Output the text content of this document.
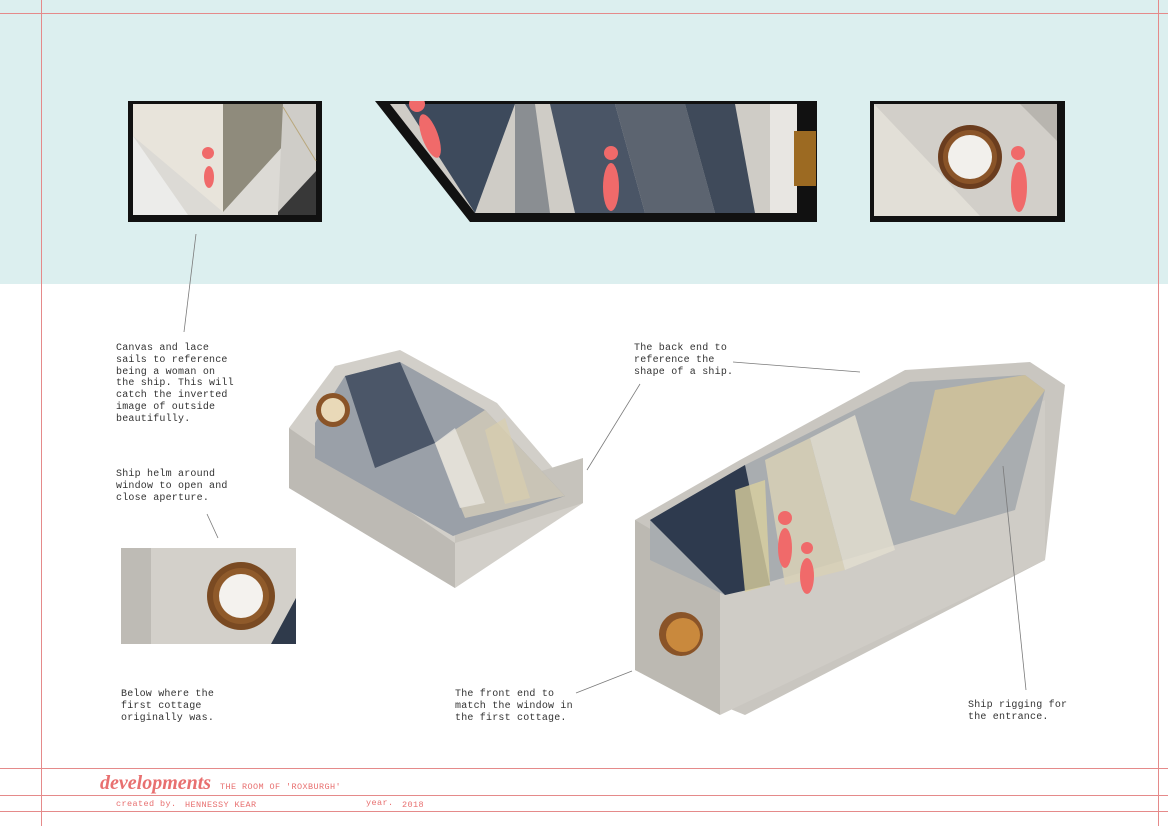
Canvas and lace
sails to reference
being a woman on
the ship. This will
catch the inverted
image of outside
beautifully.
Ship helm around
window to open and
close aperture.
Below where the
first cottage
originally was.
The back end to
reference the
shape of a ship.
The front end to
match the window in
the first cottage.
Ship rigging for
the entrance.
developments THE ROOM OF 'ROXBURGH'
created by. HENNESSY KEAR	year. 2018
